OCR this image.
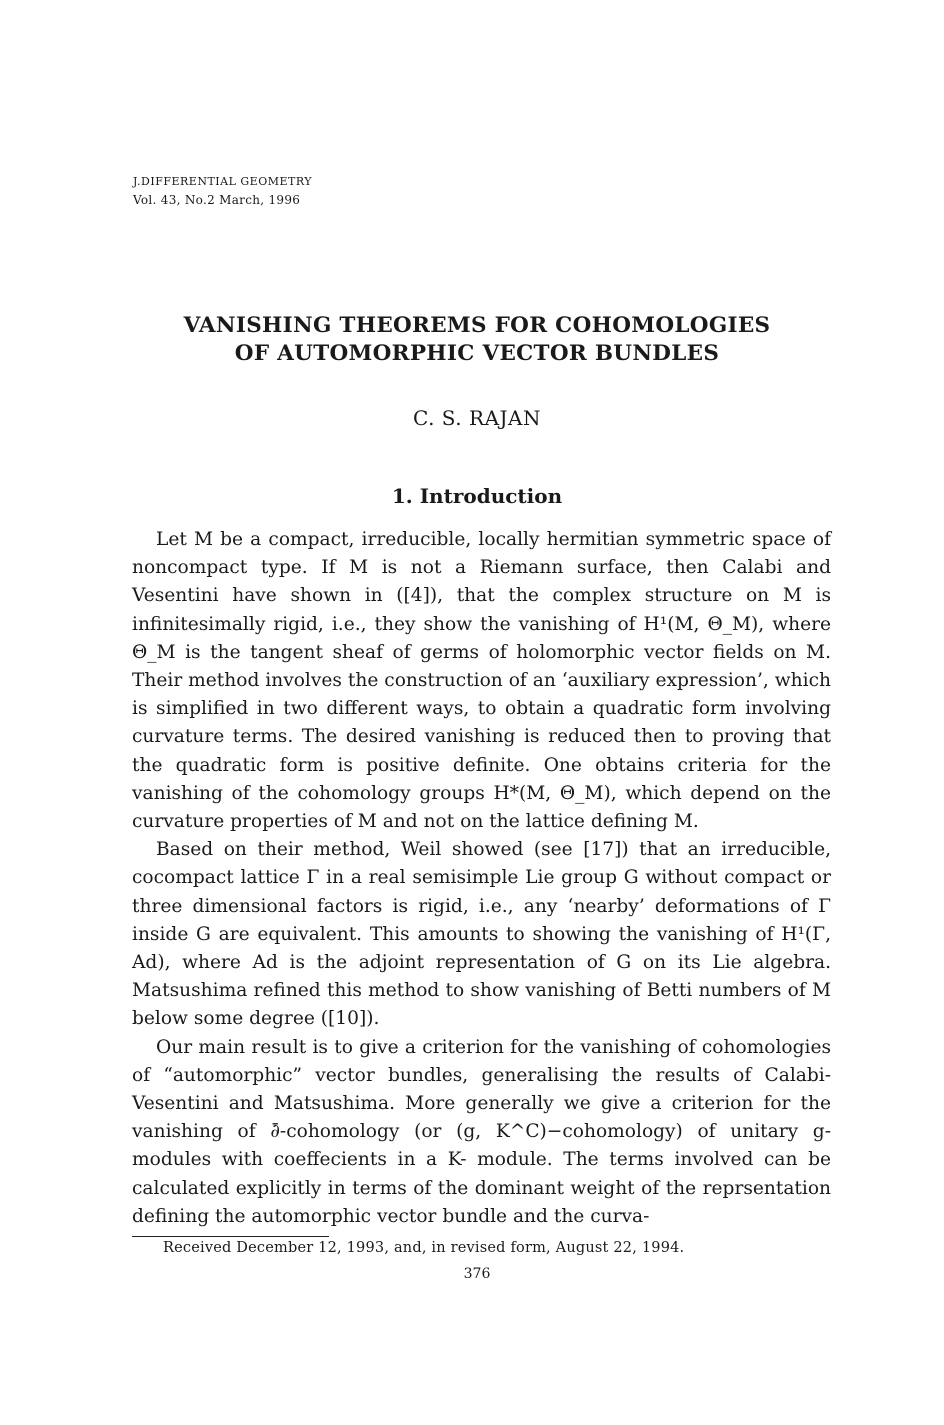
J.DIFFERENTIAL GEOMETRY
Vol. 43, No.2 March, 1996
VANISHING THEOREMS FOR COHOMOLOGIES
OF AUTOMORPHIC VECTOR BUNDLES
C. S. RAJAN
1. Introduction

Let M be a compact, irreducible, locally hermitian symmetric space of noncompact type. If M is not a Riemann surface, then Calabi and Vesentini have shown in ([4]), that the complex structure on M is infinitesimally rigid, i.e., they show the vanishing of H¹(M, Θ_M), where Θ_M is the tangent sheaf of germs of holomorphic vector fields on M. Their method involves the construction of an ‘auxiliary expression’, which is simplified in two different ways, to obtain a quadratic form involving curvature terms. The desired vanishing is reduced then to proving that the quadratic form is positive definite. One obtains criteria for the vanishing of the cohomology groups H*(M, Θ_M), which depend on the curvature properties of M and not on the lattice defining M.

Based on their method, Weil showed (see [17]) that an irreducible, cocompact lattice Γ in a real semisimple Lie group G without compact or three dimensional factors is rigid, i.e., any ‘nearby’ deformations of Γ inside G are equivalent. This amounts to showing the vanishing of H¹(Γ, Ad), where Ad is the adjoint representation of G on its Lie algebra. Matsushima refined this method to show vanishing of Betti numbers of M below some degree ([10]).

Our main result is to give a criterion for the vanishing of cohomologies of “automorphic” vector bundles, generalising the results of Calabi-Vesentini and Matsushima. More generally we give a criterion for the vanishing of ∂̄-cohomology (or (g, K^C)−cohomology) of unitary g- modules with coeffecients in a K- module. The terms involved can be calculated explicitly in terms of the dominant weight of the reprsentation defining the automorphic vector bundle and the curva-

Received December 12, 1993, and, in revised form, August 22, 1994.
376
